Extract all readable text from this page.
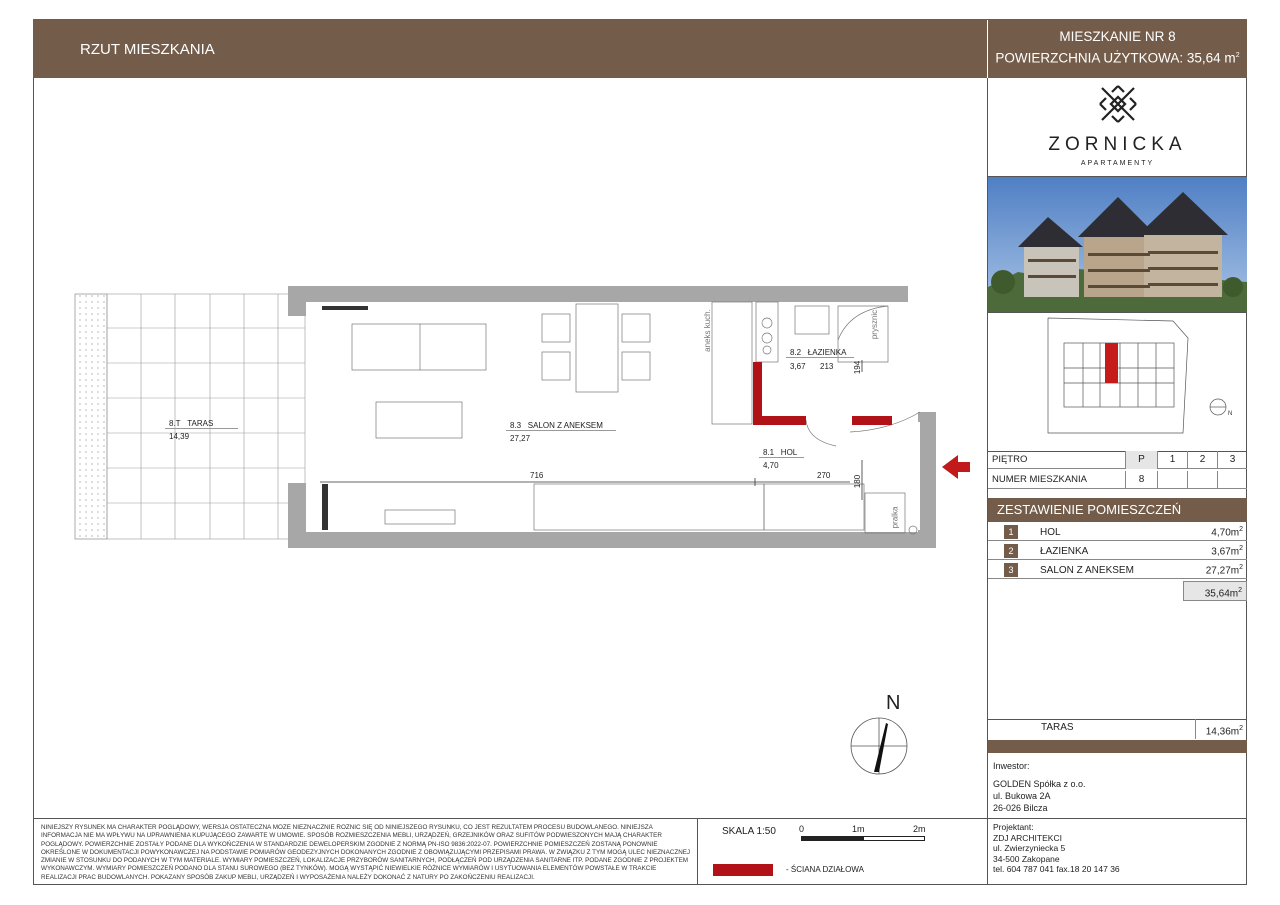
RZUT MIESZKANIA
MIESZKANIE NR 8
POWIERZCHNIA UŻYTKOWA: 35,64 $m^2$
ZORNICKA
APARTAMENTY
N
PIĘTRO	P	1	2	3
NUMER MIESZKANIA	8
ZESTAWIENIE POMIESZCZEŃ
1	HOL	$4,70m^2$
2	ŁAZIENKA	$3,67m^2$
3	SALON Z ANEKSEM	$27,27m^2$
$35,64m^2$
TARAS	$14,36m^2$
Inwestor:
GOLDEN Spółka z o.o.
ul. Bukowa 2A
26-026 Bilcza
NINIEJSZY RYSUNEK MA CHARAKTER POGLĄDOWY, WERSJA OSTATECZNA MOŻE NIEZNACZNIE RÓŻNIĆ SIĘ OD NINIEJSZEGO RYSUNKU, CO JEST REZULTATEM PROCESU BUDOWLANEGO. NINIEJSZA INFORMACJA NIE MA WPŁYWU NA UPRAWNIENIA KUPUJĄCEGO ZAWARTE W UMOWIE. SPOSÓB ROZMIESZCZENIA MEBLI, URZĄDZEŃ, GRZEJNIKÓW ORAZ SUFITÓW PODWIESZONYCH MAJĄ CHARAKTER POGLĄDOWY. POWIERZCHNIE ZOSTAŁY PODANE DLA WYKOŃCZENIA W STANDARDZIE DEWELOPERSKIM ZGODNIE Z NORMĄ PN-ISO 9836:2022-07. POWIERZCHNIE POMIESZCZEŃ ZOSTANĄ PONOWNIE OKREŚLONE W DOKUMENTACJI POWYKONAWCZEJ NA PODSTAWIE POMIARÓW GEODEZYJNYCH DOKONANYCH ZGODNIE Z OBOWIĄZUJĄCYMI PRZEPISAMI PRAWA. W ZWIĄZKU Z TYM MOGĄ ULEC NIEZNACZNEJ ZMIANIE W STOSUNKU DO PODANYCH W TYM MATERIALE. WYMIARY POMIESZCZEŃ, LOKALIZACJE PRZYBORÓW SANITARNYCH, PODŁĄCZEŃ POD URZĄDZENIA SANITARNE ITP. PODANE ZGODNIE Z PROJEKTEM WYKONAWCZYM. WYMIARY POMIESZCZEŃ PODANO DLA STANU SUROWEGO (BEZ TYNKÓW). MOGĄ WYSTĄPIĆ NIEWIELKIE RÓŻNICE WYMIARÓW I USYTUOWANIA ELEMENTÓW POWSTAŁE W TRAKCIE REALIZACJI PRAC BUDOWLANYCH. POKAZANY SPOSÓB ZAKUP MEBLI, URZĄDZEŃ I WYPOSAŻENIA NALEŻY DOKONAĆ Z NATURY PO ZAKOŃCZENIU REALIZACJI.
SKALA 1:50	0	1m	2m
- ŚCIANA DZIAŁOWA
Projektant:
ZDJ ARCHITEKCI
ul. Zwierzyniecka 5
34-500 Zakopane
tel. 604 787 041 fax.18 20 147 36
8.T TARAS
14,39
8.3 SALON Z ANEKSEM
27,27
8.2 ŁAZIENKA
3,67 213
8.1 HOL
4,70
716	270
194
180
aneks kuch.	prysznic
pralka
N
